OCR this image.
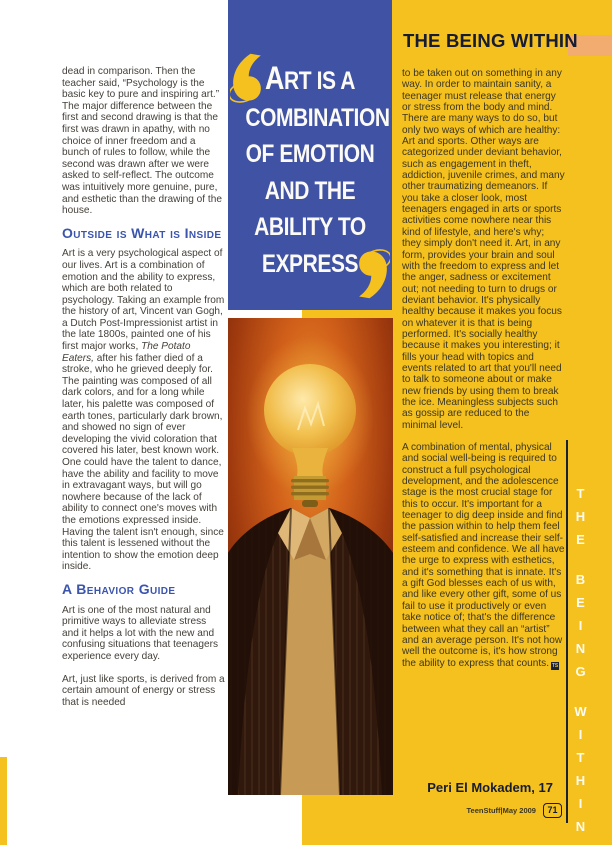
THE BEING WITHIN

dead in comparison. Then the teacher said, “Psychology is the basic key to pure and inspiring art.” The major difference between the first and second drawing is that the first was drawn in apathy, with no choice of inner freedom and a bunch of rules to follow, while the second was drawn after we were asked to self-reflect. The outcome was intuitively more genuine, pure, and esthetic than the drawing of the house.

Outside is What is Inside

Art is a very psychological aspect of our lives. Art is a combination of emotion and the ability to express, which are both related to psychology. Taking an example from the history of art, Vincent van Gogh, a Dutch Post-Impressionist artist in the late 1800s, painted one of his first major works, The Potato Eaters, after his father died of a stroke, who he grieved deeply for. The painting was composed of all dark colors, and for a long while later, his palette was composed of earth tones, particularly dark brown, and showed no sign of ever developing the vivid coloration that covered his later, best known work. One could have the talent to dance, have the ability and facility to move in extravagant ways, but will go nowhere because of the lack of ability to connect one's moves with the emotions expressed inside. Having the talent isn't enough, since this talent is lessened without the intention to show the emotion deep inside.

A Behavior Guide

Art is one of the most natural and primitive ways to alleviate stress and it helps a lot with the new and confusing situations that teenagers experience every day.

Art, just like sports, is derived from a certain amount of energy or stress that is needed

ART IS A
COMBINATION
OF EMOTION
AND THE
ABILITY TO
EXPRESS

to be taken out on something in any way. In order to maintain sanity, a teenager must release that energy or stress from the body and mind. There are many ways to do so, but only two ways of which are healthy: Art and sports. Other ways are categorized under deviant behavior, such as engagement in theft, addiction, juvenile crimes, and many other traumatizing demeanors. If you take a closer look, most teenagers engaged in arts or sports activities come nowhere near this kind of lifestyle, and here's why; they simply don't need it. Art, in any form, provides your brain and soul with the freedom to express and let the anger, sadness or excitement out; not needing to turn to drugs or deviant behavior. It's physically healthy because it makes you focus on whatever it is that is being performed. It's socially healthy because it makes you interesting; it fills your head with topics and events related to art that you'll need to talk to someone about or make new friends by using them to break the ice. Meaningless subjects such as gossip are reduced to the minimal level.

A combination of mental, physical and social well-being is required to construct a full psychological development, and the adolescence stage is the most crucial stage for this to occur. It's important for a teenager to dig deep inside and find the passion within to help them feel self-satisfied and increase their self-esteem and confidence. We all have the urge to express with esthetics, and it's something that is innate. It's a gift God blesses each of us with, and like every other gift, some of us fail to use it productively or even take notice of; that's the difference between what they call an “artist” and an average person. It's not how well the outcome is, it's how strong the ability to express that counts. TS

Peri El Mokadem, 17
TeenStuff|May 2009	71
THE
BEING
WITHIN
